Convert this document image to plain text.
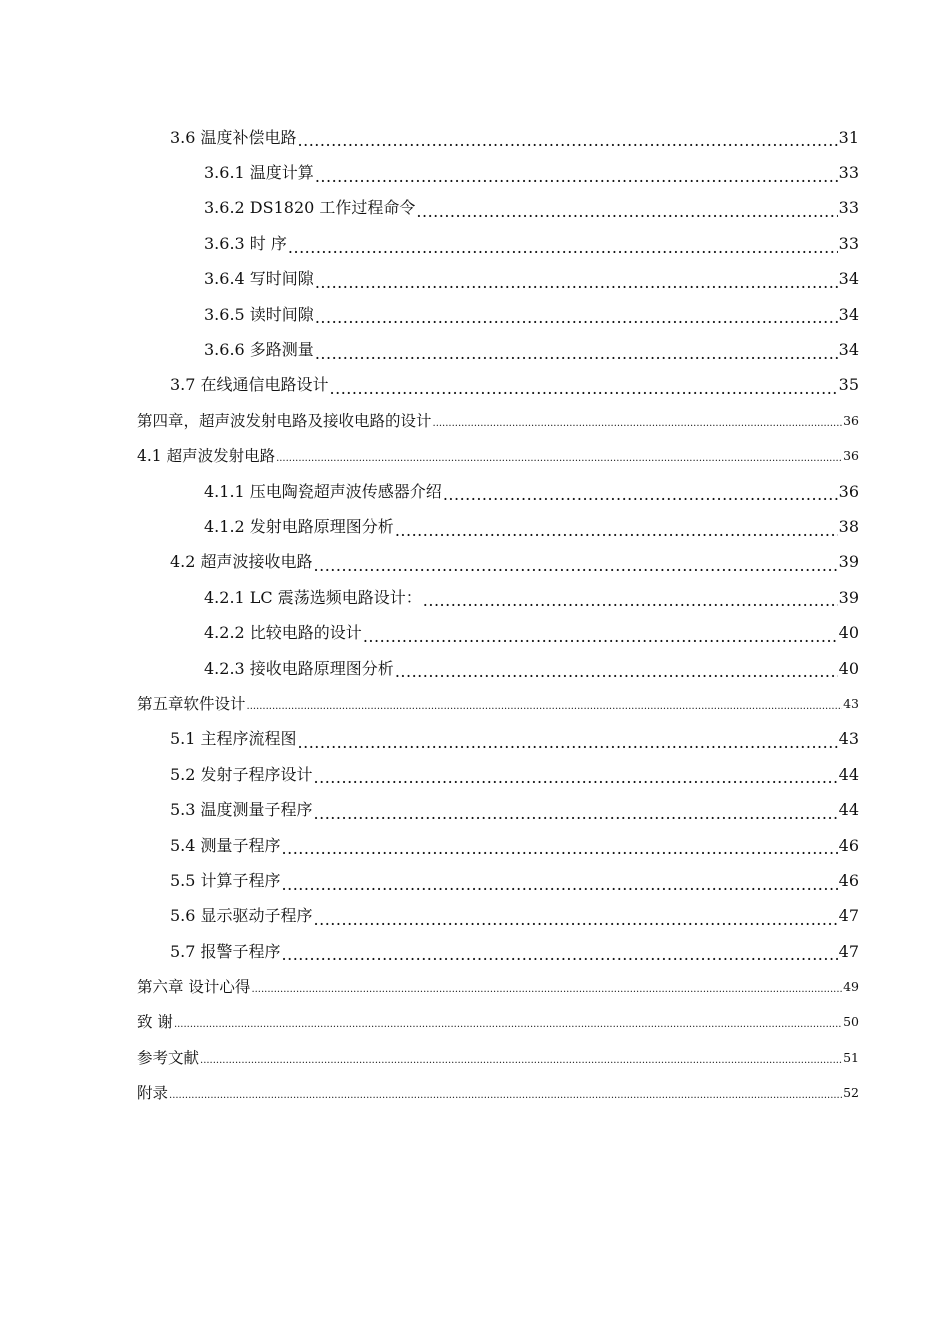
3.6 温度补偿电路 .....	31
3.6.1 温度计算 .....	33
3.6.2 DS1820 工作过程命令 .....	33
3.6.3 时 序 .....	33
3.6.4 写时间隙 .....	34
3.6.5 读时间隙 .....	34
3.6.6 多路测量 .....	34
3.7 在线通信电路设计 .....	35
第四章，超声波发射电路及接收电路的设计 .....	36
4.1 超声波发射电路 .....	36
4.1.1 压电陶瓷超声波传感器介绍 .....	36
4.1.2 发射电路原理图分析 .....	38
4.2 超声波接收电路 .....	39
4.2.1 LC 震荡选频电路设计： .....	39
4.2.2 比较电路的设计 .....	40
4.2.3 接收电路原理图分析 .....	40
第五章软件设计 .....	43
5.1 主程序流程图 .....	43
5.2 发射子程序设计 .....	44
5.3 温度测量子程序 .....	44
5.4 测量子程序 .....	46
5.5 计算子程序 .....	46
5.6 显示驱动子程序 .....	47
5.7 报警子程序 .....	47
第六章 设计心得 .....	49
致 谢 .....	50
参考文献 .....	51
附录 .....	52
